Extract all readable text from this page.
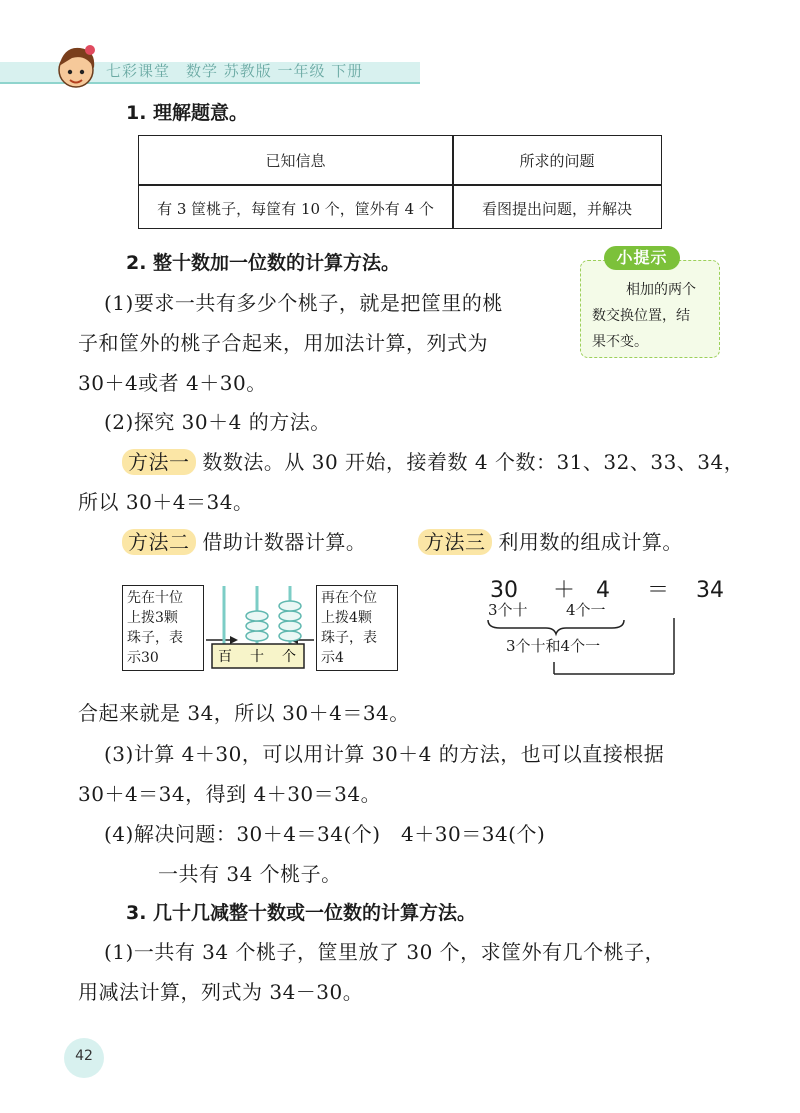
七彩课堂　数学 苏教版 一年级 下册
1. 理解题意。
已知信息	所求的问题
有 3 筐桃子，每筐有 10 个，筐外有 4 个	看图提出问题，并解决
2. 整十数加一位数的计算方法。	小提示
相加的两个
数交换位置，结
果不变。
(1)要求一共有多少个桃子，就是把筐里的桃
子和筐外的桃子合起来，用加法计算，列式为
30＋4或者 4＋30。
(2)探究 30＋4 的方法。
方法一 数数法。从 30 开始，接着数 4 个数：31、32、33、34，
所以 30＋4＝34。
方法二 借助计数器计算。	方法三 利用数的组成计算。
先在十位
上拨3颗
珠子，表
示30
再在个位
上拨4颗
珠子，表
示4
百 十 个
30 ＋ 4 ＝ 34
3个十	4个一
3个十和4个一
合起来就是 34，所以 30＋4＝34。
(3)计算 4＋30，可以用计算 30＋4 的方法，也可以直接根据
30＋4＝34，得到 4＋30＝34。
(4)解决问题：30＋4＝34(个)　4＋30＝34(个)
一共有 34 个桃子。
3. 几十几减整十数或一位数的计算方法。
(1)一共有 34 个桃子，筐里放了 30 个，求筐外有几个桃子，
用减法计算，列式为 34－30。
42
